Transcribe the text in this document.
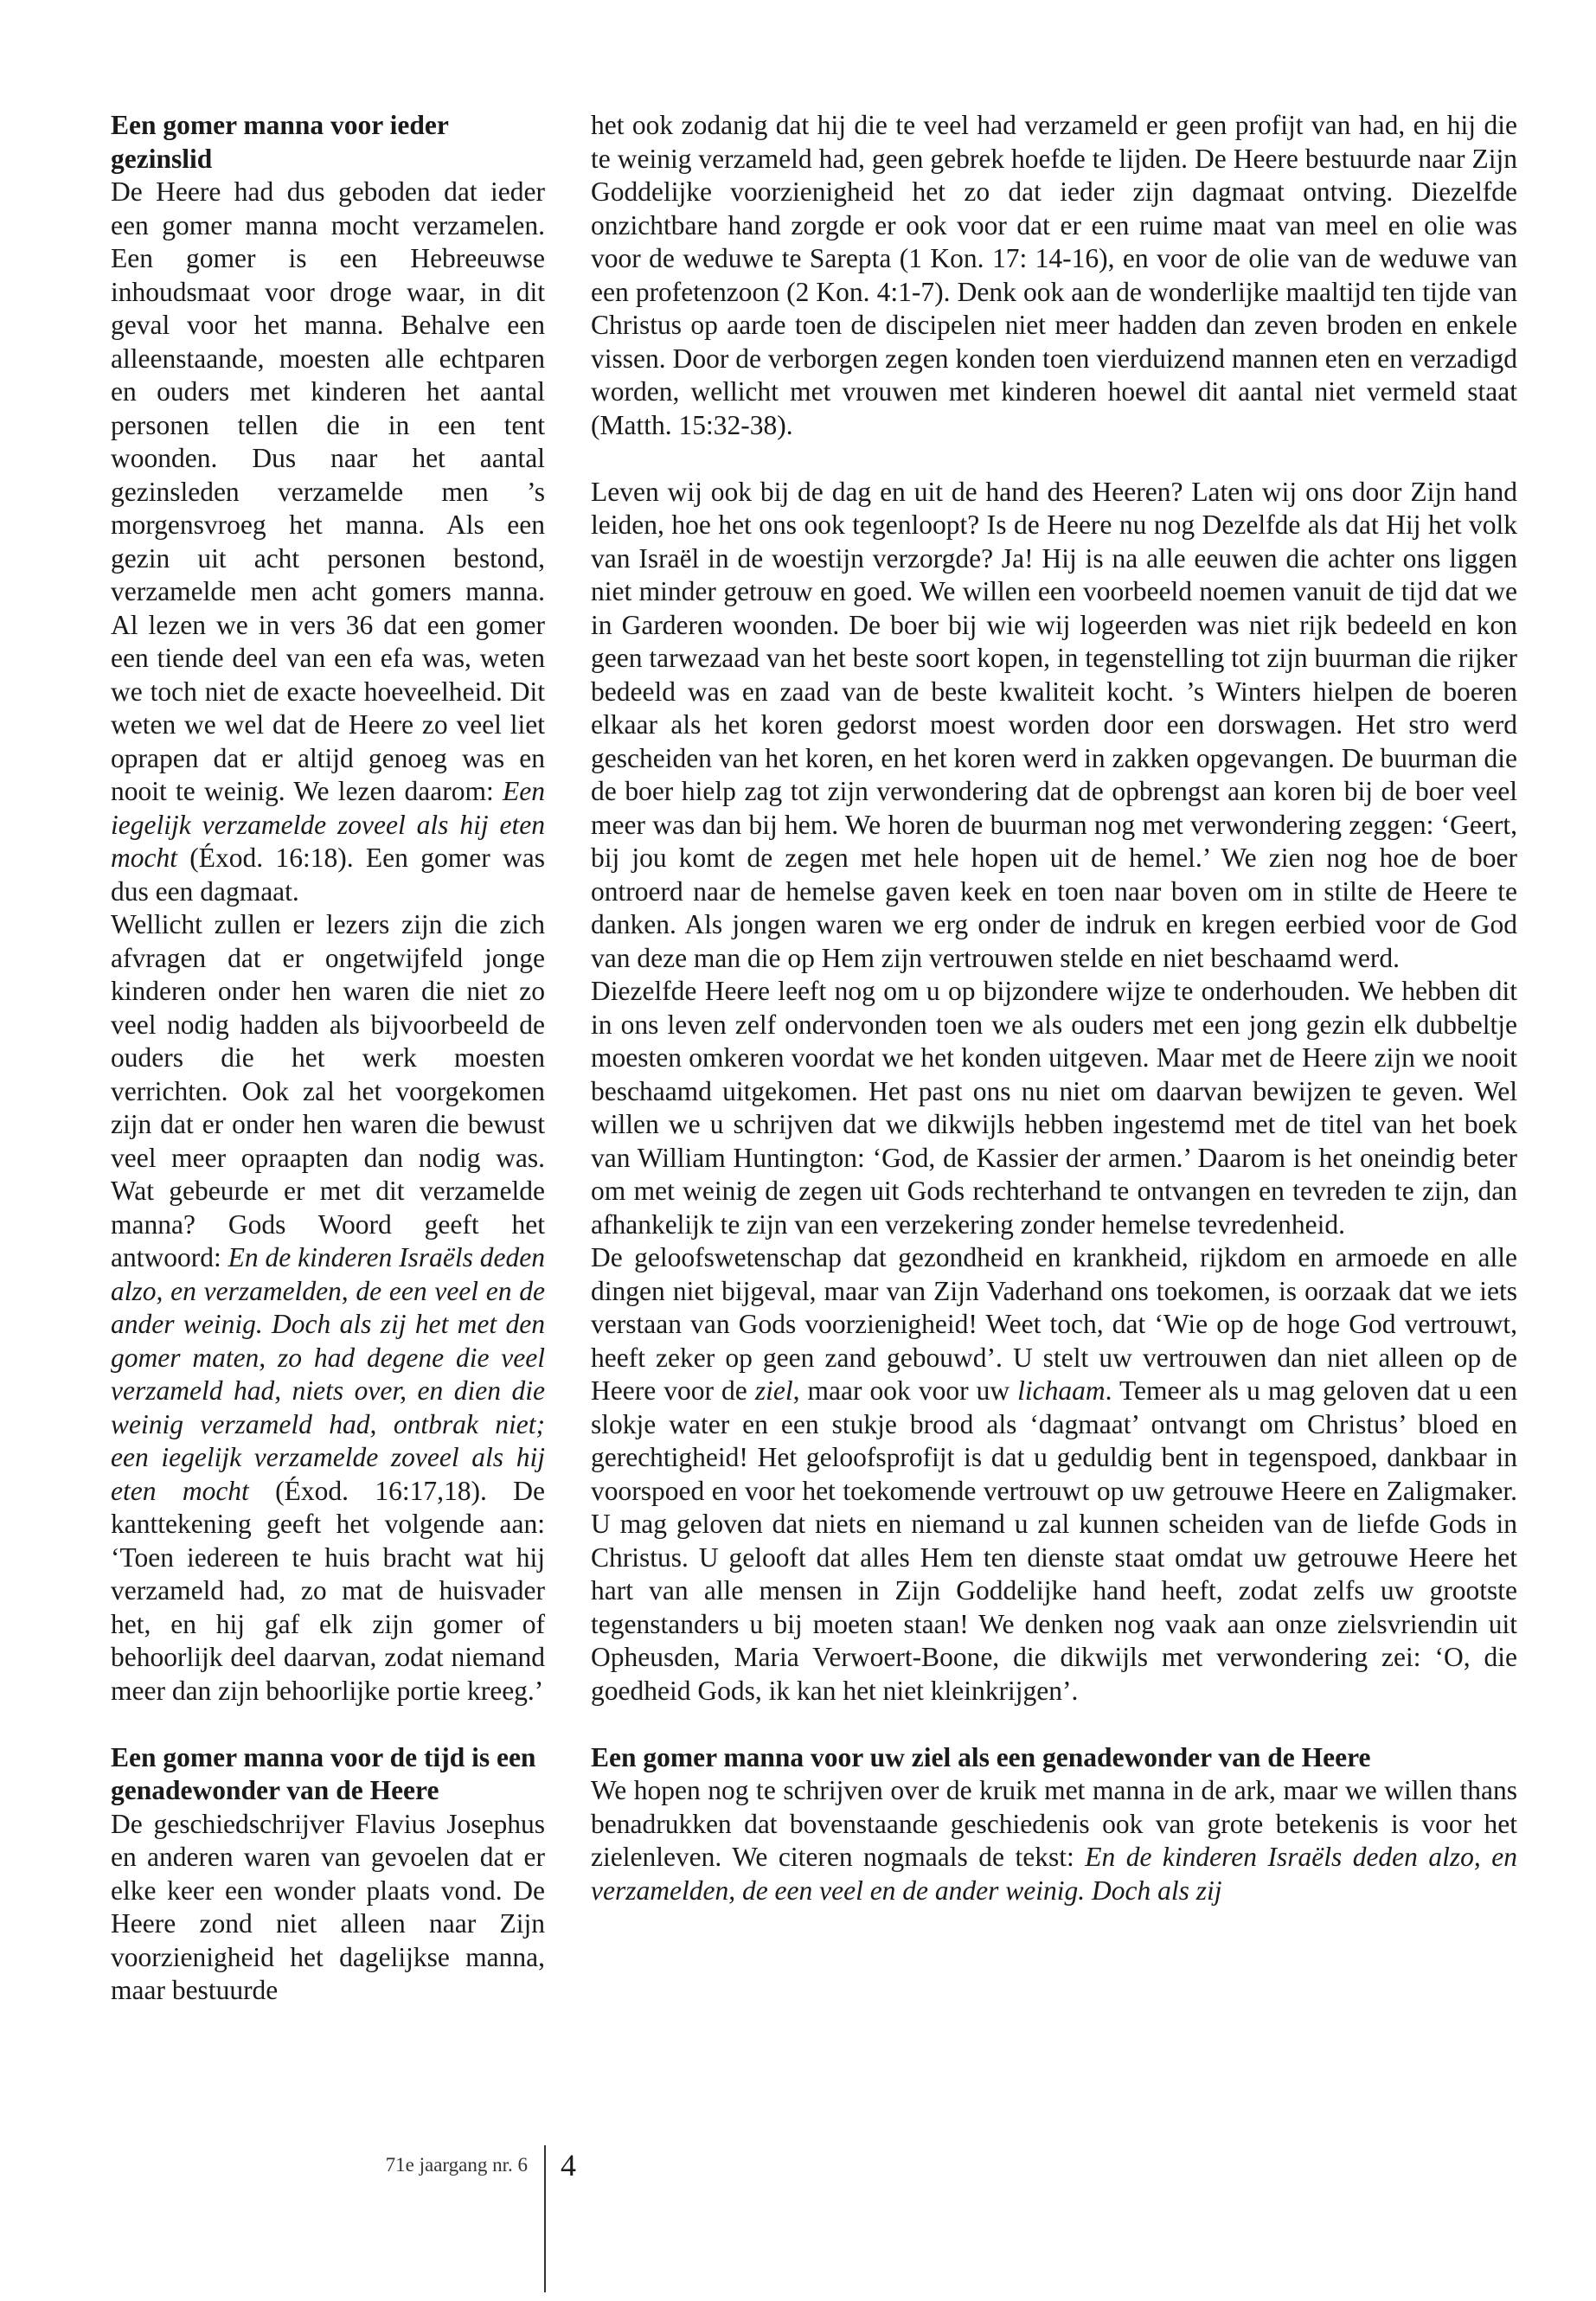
Een gomer manna voor ieder gezinslid

De Heere had dus geboden dat ieder een gomer manna mocht verzamelen. Een gomer is een Hebreeuwse inhoudsmaat voor droge waar, in dit geval voor het manna. Behalve een alleenstaande, moesten alle echtparen en ouders met kinderen het aantal personen tellen die in een tent woonden. Dus naar het aantal gezinsleden verzamelde men ’s morgensvroeg het manna. Als een gezin uit acht personen bestond, verzamelde men acht gomers manna. Al lezen we in vers 36 dat een gomer een tiende deel van een efa was, weten we toch niet de exacte hoeveelheid. Dit weten we wel dat de Heere zo veel liet oprapen dat er altijd genoeg was en nooit te weinig. We lezen daarom: Een iegelijk verzamelde zoveel als hij eten mocht (Éxod. 16:18). Een gomer was dus een dagmaat.

Wellicht zullen er lezers zijn die zich afvragen dat er ongetwijfeld jonge kinderen onder hen waren die niet zo veel nodig hadden als bijvoorbeeld de ouders die het werk moesten verrichten. Ook zal het voorgekomen zijn dat er onder hen waren die bewust veel meer opraapten dan nodig was. Wat gebeurde er met dit verzamelde manna? Gods Woord geeft het antwoord: En de kinderen Israëls deden alzo, en verzamelden, de een veel en de ander weinig. Doch als zij het met den gomer maten, zo had degene die veel verzameld had, niets over, en dien die weinig verzameld had, ontbrak niet; een iegelijk verzamelde zoveel als hij eten mocht (Éxod. 16:17,18). De kanttekening geeft het volgende aan: ‘Toen iedereen te huis bracht wat hij verzameld had, zo mat de huisvader het, en hij gaf elk zijn gomer of behoorlijk deel daarvan, zodat niemand meer dan zijn behoorlijke portie kreeg.’

Een gomer manna voor de tijd is een genadewonder van de Heere

De geschiedschrijver Flavius Josephus en anderen waren van gevoelen dat er elke keer een wonder plaats vond. De Heere zond niet alleen naar Zijn voorzienigheid het dagelijkse manna, maar bestuurde

het ook zodanig dat hij die te veel had verzameld er geen profijt van had, en hij die te weinig verzameld had, geen gebrek hoefde te lijden. De Heere bestuurde naar Zijn Goddelijke voorzienigheid het zo dat ieder zijn dagmaat ontving. Diezelfde onzichtbare hand zorgde er ook voor dat er een ruime maat van meel en olie was voor de weduwe te Sarepta (1 Kon. 17: 14-16), en voor de olie van de weduwe van een profetenzoon (2 Kon. 4:1-7). Denk ook aan de wonderlijke maaltijd ten tijde van Christus op aarde toen de discipelen niet meer hadden dan zeven broden en enkele vissen. Door de verborgen zegen konden toen vierduizend mannen eten en verzadigd worden, wellicht met vrouwen met kinderen hoewel dit aantal niet vermeld staat (Matth. 15:32-38).

Leven wij ook bij de dag en uit de hand des Heeren? Laten wij ons door Zijn hand leiden, hoe het ons ook tegenloopt? Is de Heere nu nog Dezelfde als dat Hij het volk van Israël in de woestijn verzorgde? Ja! Hij is na alle eeuwen die achter ons liggen niet minder getrouw en goed. We willen een voorbeeld noemen vanuit de tijd dat we in Garderen woonden. De boer bij wie wij logeerden was niet rijk bedeeld en kon geen tarwezaad van het beste soort kopen, in tegenstelling tot zijn buurman die rijker bedeeld was en zaad van de beste kwaliteit kocht. ’s Winters hielpen de boeren elkaar als het koren gedorst moest worden door een dorswagen. Het stro werd gescheiden van het koren, en het koren werd in zakken opgevangen. De buurman die de boer hielp zag tot zijn verwondering dat de opbrengst aan koren bij de boer veel meer was dan bij hem. We horen de buurman nog met verwondering zeggen: ‘Geert, bij jou komt de zegen met hele hopen uit de hemel.’ We zien nog hoe de boer ontroerd naar de hemelse gaven keek en toen naar boven om in stilte de Heere te danken. Als jongen waren we erg onder de indruk en kregen eerbied voor de God van deze man die op Hem zijn vertrouwen stelde en niet beschaamd werd.

Diezelfde Heere leeft nog om u op bijzondere wijze te onderhouden. We hebben dit in ons leven zelf ondervonden toen we als ouders met een jong gezin elk dubbeltje moesten omkeren voordat we het konden uitgeven. Maar met de Heere zijn we nooit beschaamd uitgekomen. Het past ons nu niet om daarvan bewijzen te geven. Wel willen we u schrijven dat we dikwijls hebben ingestemd met de titel van het boek van William Huntington: ‘God, de Kassier der armen.’ Daarom is het oneindig beter om met weinig de zegen uit Gods rechterhand te ontvangen en tevreden te zijn, dan afhankelijk te zijn van een verzekering zonder hemelse tevredenheid.

De geloofswetenschap dat gezondheid en krankheid, rijkdom en armoede en alle dingen niet bijgeval, maar van Zijn Vaderhand ons toekomen, is oorzaak dat we iets verstaan van Gods voorzienigheid! Weet toch, dat ‘Wie op de hoge God vertrouwt, heeft zeker op geen zand gebouwd’. U stelt uw vertrouwen dan niet alleen op de Heere voor de ziel, maar ook voor uw lichaam. Temeer als u mag geloven dat u een slokje water en een stukje brood als ‘dagmaat’ ontvangt om Christus’ bloed en gerechtigheid! Het geloofsprofijt is dat u geduldig bent in tegenspoed, dankbaar in voorspoed en voor het toekomende vertrouwt op uw getrouwe Heere en Zaligmaker. U mag geloven dat niets en niemand u zal kunnen scheiden van de liefde Gods in Christus. U gelooft dat alles Hem ten dienste staat omdat uw getrouwe Heere het hart van alle mensen in Zijn Goddelijke hand heeft, zodat zelfs uw grootste tegenstanders u bij moeten staan! We denken nog vaak aan onze zielsvriendin uit Opheusden, Maria Verwoert-Boone, die dikwijls met verwondering zei: ‘O, die goedheid Gods, ik kan het niet kleinkrijgen’.

Een gomer manna voor uw ziel als een genadewonder van de Heere

We hopen nog te schrijven over de kruik met manna in de ark, maar we willen thans benadrukken dat bovenstaande geschiedenis ook van grote betekenis is voor het zielenleven. We citeren nogmaals de tekst: En de kinderen Israëls deden alzo, en verzamelden, de een veel en de ander weinig. Doch als zij

71e jaargang nr. 6 4
